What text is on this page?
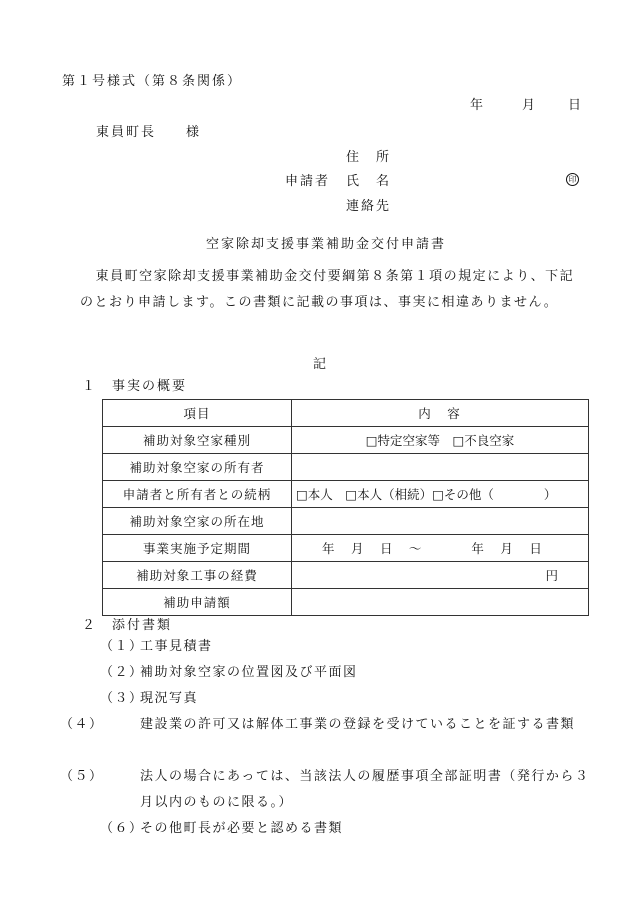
第１号様式（第８条関係）
年	月	日
東員町長　　様
住　所
申請者 氏　名	印
連絡先
空家除却支援事業補助金交付申請書
東員町空家除却支援事業補助金交付要綱第８条第１項の規定により、下記のとおり申請します。この書類に記載の事項は、事実に相違ありません。
記
１　事実の概要
項目	内　容
補助対象空家種別	□特定空家等　□不良空家
補助対象空家の所有者	
申請者と所有者との続柄	□本人　□本人（相続）□その他（　　　　）
補助対象空家の所在地	
事業実施予定期間	年　 月　 日　 〜　　　　年　 月　 日
補助対象工事の経費	円
補助申請額	
２　添付書類
（１）工事見積書
（２）補助対象空家の位置図及び平面図
（３）現況写真
（４）	建設業の許可又は解体工事業の登録を受けていることを証する書類
（５）	法人の場合にあっては、当該法人の履歴事項全部証明書（発行から３月以内のものに限る。）
（６）その他町長が必要と認める書類
